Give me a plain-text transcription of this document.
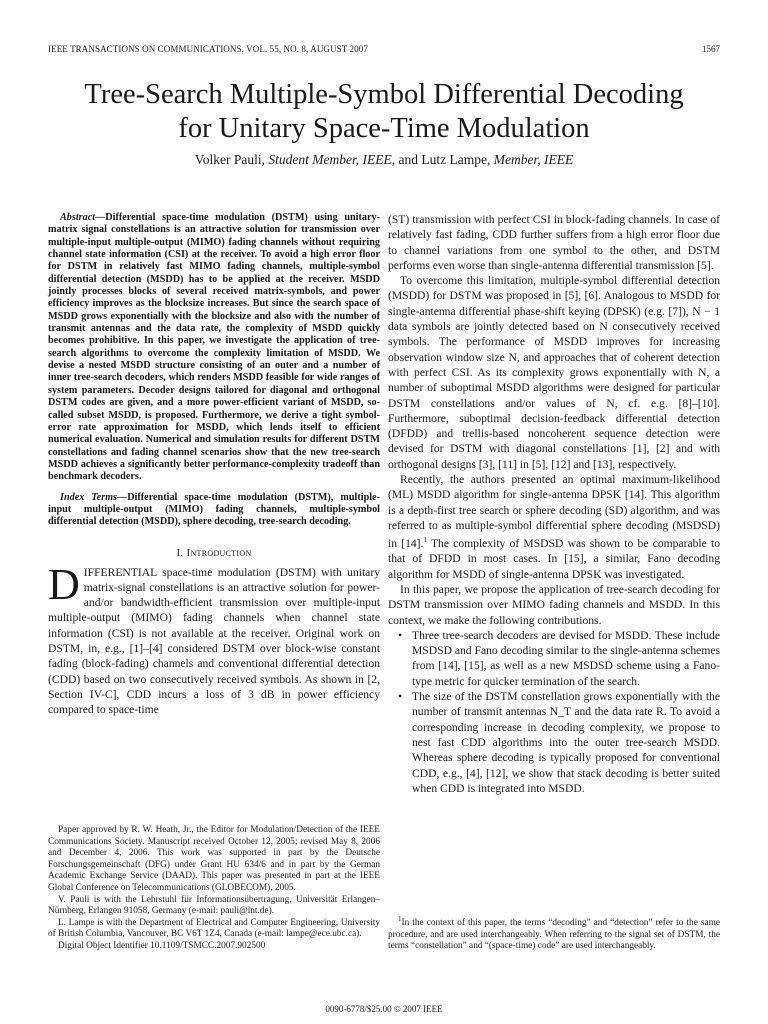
IEEE TRANSACTIONS ON COMMUNICATIONS, VOL. 55, NO. 8, AUGUST 2007	1567
Tree-Search Multiple-Symbol Differential Decoding
for Unitary Space-Time Modulation
Volker Pauli, Student Member, IEEE, and Lutz Lampe, Member, IEEE

Abstract—Differential space-time modulation (DSTM) using unitary-matrix signal constellations is an attractive solution for transmission over multiple-input multiple-output (MIMO) fading channels without requiring channel state information (CSI) at the receiver. To avoid a high error floor for DSTM in relatively fast MIMO fading channels, multiple-symbol differential detection (MSDD) has to be applied at the receiver. MSDD jointly processes blocks of several received matrix-symbols, and power efficiency improves as the blocksize increases. But since the search space of MSDD grows exponentially with the blocksize and also with the number of transmit antennas and the data rate, the complexity of MSDD quickly becomes prohibitive. In this paper, we investigate the application of tree-search algorithms to overcome the complexity limitation of MSDD. We devise a nested MSDD structure consisting of an outer and a number of inner tree-search decoders, which renders MSDD feasible for wide ranges of system parameters. Decoder designs tailored for diagonal and orthogonal DSTM codes are given, and a more power-efficient variant of MSDD, so-called subset MSDD, is proposed. Furthermore, we derive a tight symbol-error rate approximation for MSDD, which lends itself to efficient numerical evaluation. Numerical and simulation results for different DSTM constellations and fading channel scenarios show that the new tree-search MSDD achieves a significantly better performance-complexity tradeoff than benchmark decoders.

Index Terms—Differential space-time modulation (DSTM), multiple-input multiple-output (MIMO) fading channels, multiple-symbol differential detection (MSDD), sphere decoding, tree-search decoding.

I. Introduction

DIFFERENTIAL space-time modulation (DSTM) with unitary matrix-signal constellations is an attractive solution for power- and/or bandwidth-efficient transmission over multiple-input multiple-output (MIMO) fading channels when channel state information (CSI) is not available at the receiver. Original work on DSTM, in, e.g., [1]–[4] considered DSTM over block-wise constant fading (block-fading) channels and conventional differential detection (CDD) based on two consecutively received symbols. As shown in [2, Section IV-C], CDD incurs a loss of 3 dB in power efficiency compared to space-time

Paper approved by R. W. Heath, Jr., the Editor for Modulation/Detection of the IEEE Communications Society. Manuscript received October 12, 2005; revised May 8, 2006 and December 4, 2006. This work was supported in part by the Deutsche Forschungsgemeinschaft (DFG) under Grant HU 634/6 and in part by the German Academic Exchange Service (DAAD). This paper was presented in part at the IEEE Global Conference on Telecommunications (GLOBECOM), 2005.

V. Pauli is with the Lehrstuhl für Informationsübertragung, Universität Erlangen–Nürnberg, Erlangen 91058, Germany (e-mail: pauli@lnt.de).

L. Lampe is with the Department of Electrical and Computer Engineering, University of British Columbia, Vancouver, BC V6T 1Z4, Canada (e-mail: lampe@ece.ubc.ca).

Digital Object Identifier 10.1109/TSMCC.2007.902500

(ST) transmission with perfect CSI in block-fading channels. In case of relatively fast fading, CDD further suffers from a high error floor due to channel variations from one symbol to the other, and DSTM performs even worse than single-antenna differential transmission [5].

To overcome this limitation, multiple-symbol differential detection (MSDD) for DSTM was proposed in [5], [6]. Analogous to MSDD for single-antenna differential phase-shift keying (DPSK) (e.g. [7]), N − 1 data symbols are jointly detected based on N consecutively received symbols. The performance of MSDD improves for increasing observation window size N, and approaches that of coherent detection with perfect CSI. As its complexity grows exponentially with N, a number of suboptimal MSDD algorithms were designed for particular DSTM constellations and/or values of N, cf. e.g. [8]–[10]. Furthermore, suboptimal decision-feedback differential detection (DFDD) and trellis-based noncoherent sequence detection were devised for DSTM with diagonal constellations [1], [2] and with orthogonal designs [3], [11] in [5], [12] and [13], respectively.

Recently, the authors presented an optimal maximum-likelihood (ML) MSDD algorithm for single-antenna DPSK [14]. This algorithm is a depth-first tree search or sphere decoding (SD) algorithm, and was referred to as multiple-symbol differential sphere decoding (MSDSD) in [14].$^1$ The complexity of MSDSD was shown to be comparable to that of DFDD in most cases. In [15], a similar, Fano decoding algorithm for MSDD of single-antenna DPSK was investigated.

In this paper, we propose the application of tree-search decoding for DSTM transmission over MIMO fading channels and MSDD. In this context, we make the following contributions.

• Three tree-search decoders are devised for MSDD. These include MSDSD and Fano decoding similar to the single-antenna schemes from [14], [15], as well as a new MSDSD scheme using a Fano-type metric for quicker termination of the search.
• The size of the DSTM constellation grows exponentially with the number of transmit antennas N_T and the data rate R. To avoid a corresponding increase in decoding complexity, we propose to nest fast CDD algorithms into the outer tree-search MSDD. Whereas sphere decoding is typically proposed for conventional CDD, e.g., [4], [12], we show that stack decoding is better suited when CDD is integrated into MSDD.

$^1$In the context of this paper, the terms “decoding” and “detection” refer to the same procedure, and are used interchangeably. When referring to the signal set of DSTM, the terms “constellation” and “(space-time) code” are used interchangeably.

0090-6778/$25.00 © 2007 IEEE
